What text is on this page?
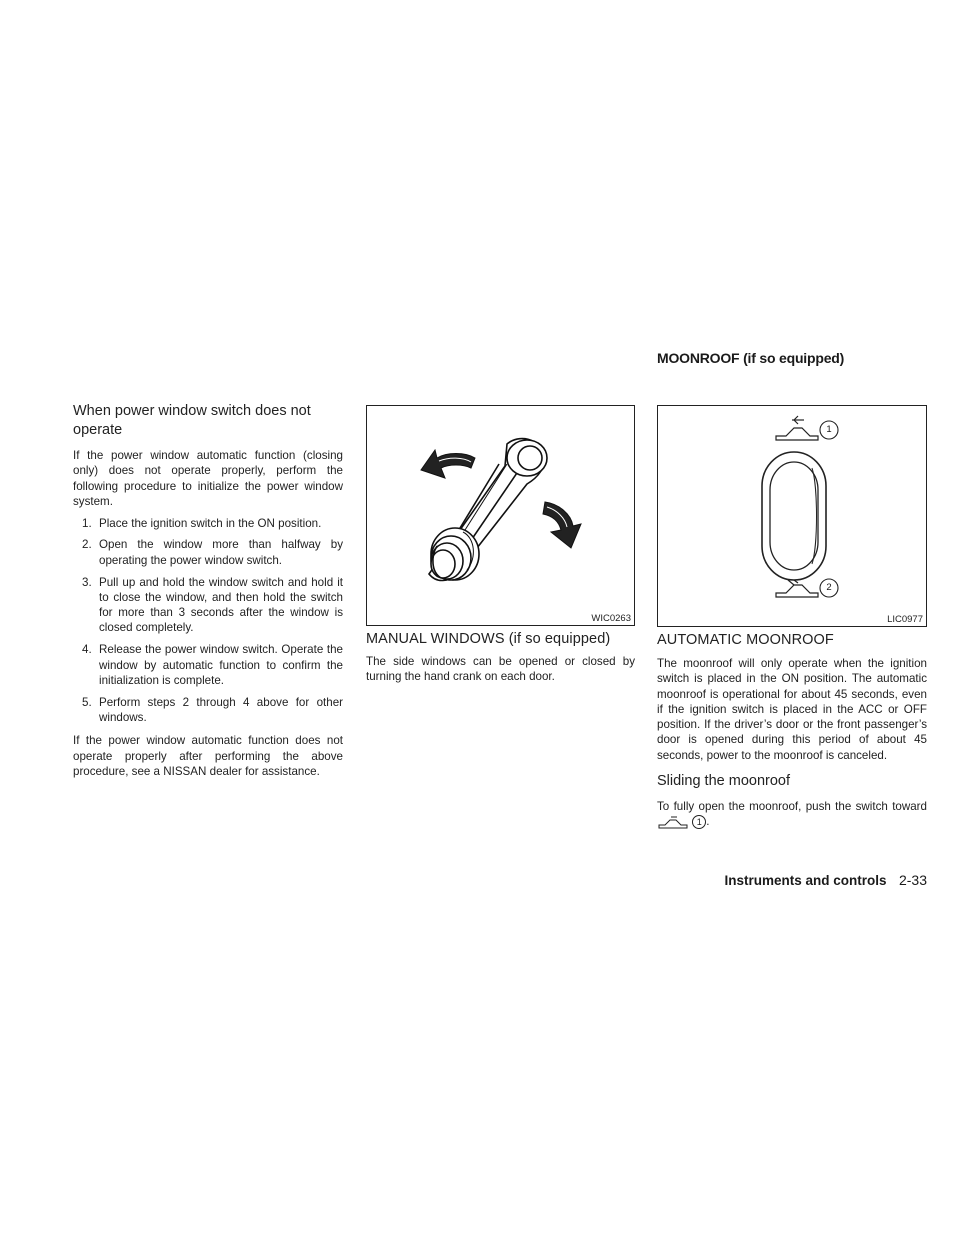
MOONROOF (if so equipped)
When power window switch does not operate
If the power window automatic function (closing only) does not operate properly, perform the following procedure to initialize the power window system.
1. Place the ignition switch in the ON position.
2. Open the window more than halfway by operating the power window switch.
3. Pull up and hold the window switch and hold it to close the window, and then hold the switch for more than 3 seconds after the window is closed completely.
4. Release the power window switch. Operate the window by automatic function to confirm the initialization is complete.
5. Perform steps 2 through 4 above for other windows.
If the power window automatic function does not operate properly after performing the above procedure, see a NISSAN dealer for assistance.
WIC0263
MANUAL WINDOWS (if so equipped)
The side windows can be opened or closed by turning the hand crank on each door.
1
2
LIC0977
AUTOMATIC MOONROOF
The moonroof will only operate when the ignition switch is placed in the ON position. The automatic moonroof is operational for about 45 seconds, even if the ignition switch is placed in the ACC or OFF position. If the driver’s door or the front passenger’s door is opened during this period of about 45 seconds, power to the moonroof is canceled.
Sliding the moonroof
To fully open the moonroof, push the switch toward  1 .
Instruments and controls 2-33
